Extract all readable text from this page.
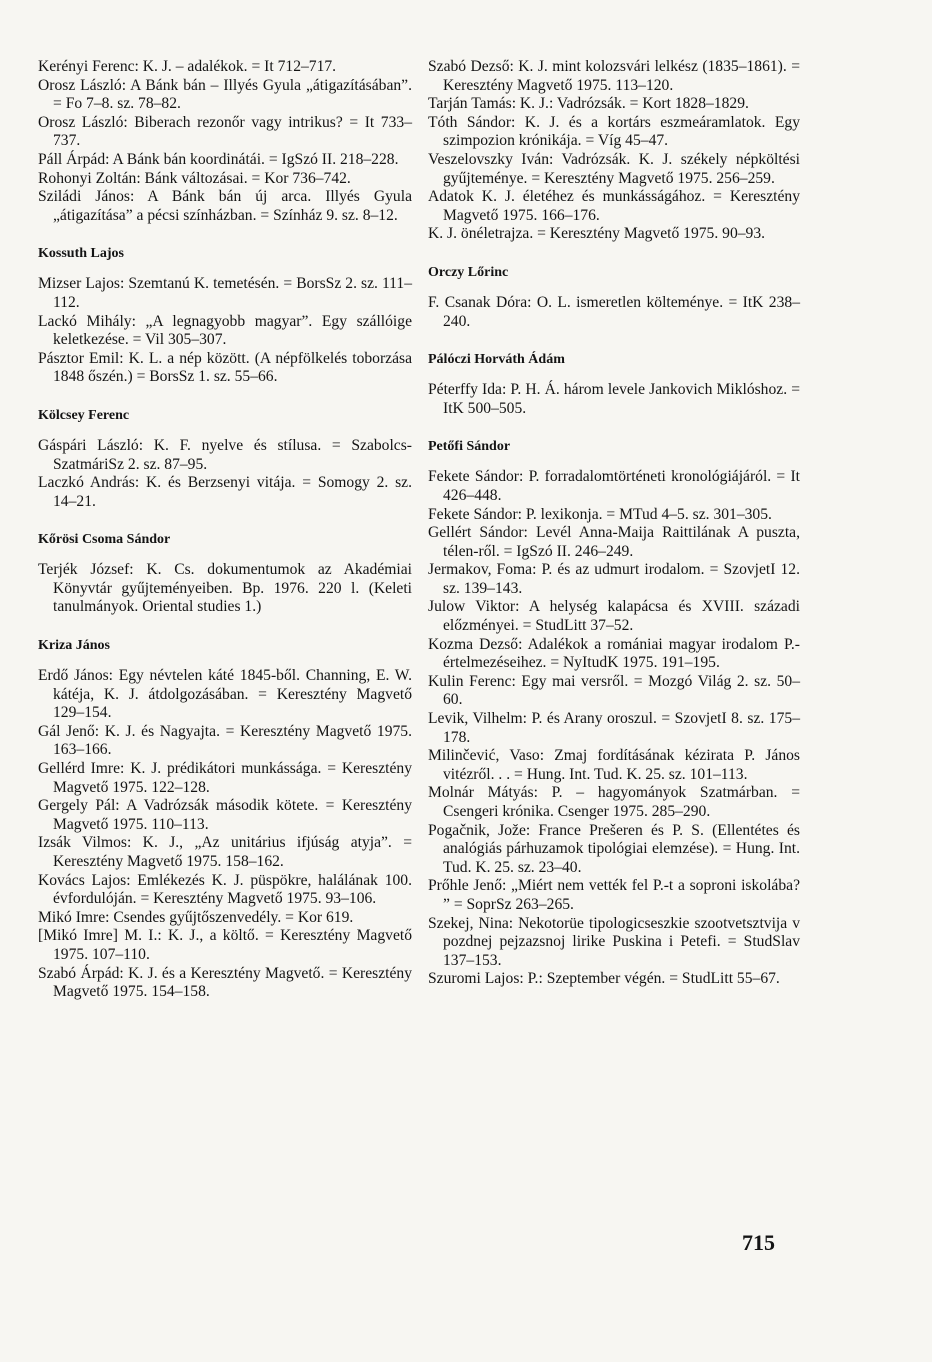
Kerényi Ferenc: K. J. – adalékok. = It 712–717.

Orosz László: A Bánk bán – Illyés Gyula „átigazításában”. = Fo 7–8. sz. 78–82.

Orosz László: Biberach rezonőr vagy intrikus? = It 733–737.

Páll Árpád: A Bánk bán koordinátái. = IgSzó II. 218–228.

Rohonyi Zoltán: Bánk változásai. = Kor 736–742.

Sziládi János: A Bánk bán új arca. Illyés Gyula „átigazítása” a pécsi színházban. = Színház 9. sz. 8–12.

Kossuth Lajos

Mizser Lajos: Szemtanú K. temetésén. = BorsSz 2. sz. 111–112.

Lackó Mihály: „A legnagyobb magyar”. Egy szállóige keletkezése. = Vil 305–307.

Pásztor Emil: K. L. a nép között. (A népfölkelés toborzása 1848 őszén.) = BorsSz 1. sz. 55–66.

Kölcsey Ferenc

Gáspári László: K. F. nyelve és stílusa. = Szabolcs-SzatmáriSz 2. sz. 87–95.

Laczkó András: K. és Berzsenyi vitája. = Somogy 2. sz. 14–21.

Kőrösi Csoma Sándor

Terjék József: K. Cs. dokumentumok az Akadémiai Könyvtár gyűjteményeiben. Bp. 1976. 220 l. (Keleti tanulmányok. Oriental studies 1.)

Kriza János

Erdő János: Egy névtelen káté 1845-ből. Channing, E. W. kátéja, K. J. átdolgozásában. = Keresztény Magvető 129–154.

Gál Jenő: K. J. és Nagyajta. = Keresztény Magvető 1975. 163–166.

Gellérd Imre: K. J. prédikátori munkássága. = Keresztény Magvető 1975. 122–128.

Gergely Pál: A Vadrózsák második kötete. = Keresztény Magvető 1975. 110–113.

Izsák Vilmos: K. J., „Az unitárius ifjúság atyja”. = Keresztény Magvető 1975. 158–162.

Kovács Lajos: Emlékezés K. J. püspökre, halálának 100. évfordulóján. = Keresztény Magvető 1975. 93–106.

Mikó Imre: Csendes gyűjtőszenvedély. = Kor 619.

[Mikó Imre] M. I.: K. J., a költő. = Keresztény Magvető 1975. 107–110.

Szabó Árpád: K. J. és a Keresztény Magvető. = Keresztény Magvető 1975. 154–158.

Szabó Dezső: K. J. mint kolozsvári lelkész (1835–1861). = Keresztény Magvető 1975. 113–120.

Tarján Tamás: K. J.: Vadrózsák. = Kort 1828–1829.

Tóth Sándor: K. J. és a kortárs eszmeáramlatok. Egy szimpozion krónikája. = Víg 45–47.

Veszelovszky Iván: Vadrózsák. K. J. székely népköltési gyűjteménye. = Keresztény Magvető 1975. 256–259.

Adatok K. J. életéhez és munkásságához. = Keresztény Magvető 1975. 166–176.

K. J. önéletrajza. = Keresztény Magvető 1975. 90–93.

Orczy Lőrinc

F. Csanak Dóra: O. L. ismeretlen költeménye. = ItK 238–240.

Pálóczi Horváth Ádám

Péterffy Ida: P. H. Á. három levele Jankovich Miklóshoz. = ItK 500–505.

Petőfi Sándor

Fekete Sándor: P. forradalomtörténeti kronológiájáról. = It 426–448.

Fekete Sándor: P. lexikonja. = MTud 4–5. sz. 301–305.

Gellért Sándor: Levél Anna-Maija Raittilának A puszta, télen-ről. = IgSzó II. 246–249.

Jermakov, Foma: P. és az udmurt irodalom. = SzovjetI 12. sz. 139–143.

Julow Viktor: A helység kalapácsa és XVIII. századi előzményei. = StudLitt 37–52.

Kozma Dezső: Adalékok a romániai magyar irodalom P.-értelmezéseihez. = NyItudK 1975. 191–195.

Kulin Ferenc: Egy mai versről. = Mozgó Világ 2. sz. 50–60.

Levik, Vilhelm: P. és Arany oroszul. = SzovjetI 8. sz. 175–178.

Milinčević, Vaso: Zmaj fordításának kézirata P. János vitézről. . . = Hung. Int. Tud. K. 25. sz. 101–113.

Molnár Mátyás: P. – hagyományok Szatmárban. = Csengeri krónika. Csenger 1975. 285–290.

Pogačnik, Jože: France Prešeren és P. S. (Ellentétes és analógiás párhuzamok tipológiai elemzése). = Hung. Int. Tud. K. 25. sz. 23–40.

Prőhle Jenő: „Miért nem vették fel P.-t a soproni iskolába? ” = SoprSz 263–265.

Szekej, Nina: Nekotorüe tipologicseszkie szootvetsztvija v pozdnej pejzazsnoj lirike Puskina i Petefi. = StudSlav 137–153.

Szuromi Lajos: P.: Szeptember végén. = StudLitt 55–67.

715
